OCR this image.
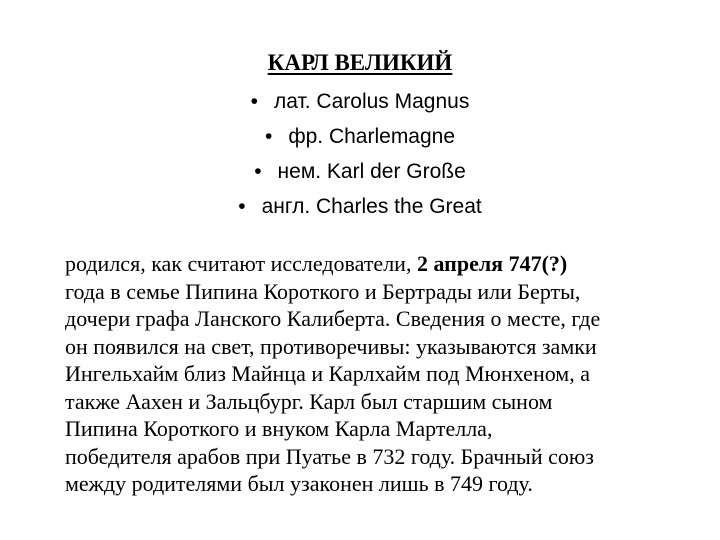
КАРЛ ВЕЛИКИЙ
• лат. Carolus Magnus
• фр. Charlemagne
• нем. Karl der Große
• англ. Charles the Great
родился, как считают исследователи, 2 апреля 747(?)
года в семье Пипина Короткого и Бертрады или Берты,
дочери графа Ланского Калиберта. Сведения о месте, где
он появился на свет, противоречивы: указываются замки
Ингельхайм близ Майнца и Карлхайм под Мюнхеном, а
также Аахен и Зальцбург. Карл был старшим сыном
Пипина Короткого и внуком Карла Мартелла,
победителя арабов при Пуатье в 732 году. Брачный союз
между родителями был узаконен лишь в 749 году.
